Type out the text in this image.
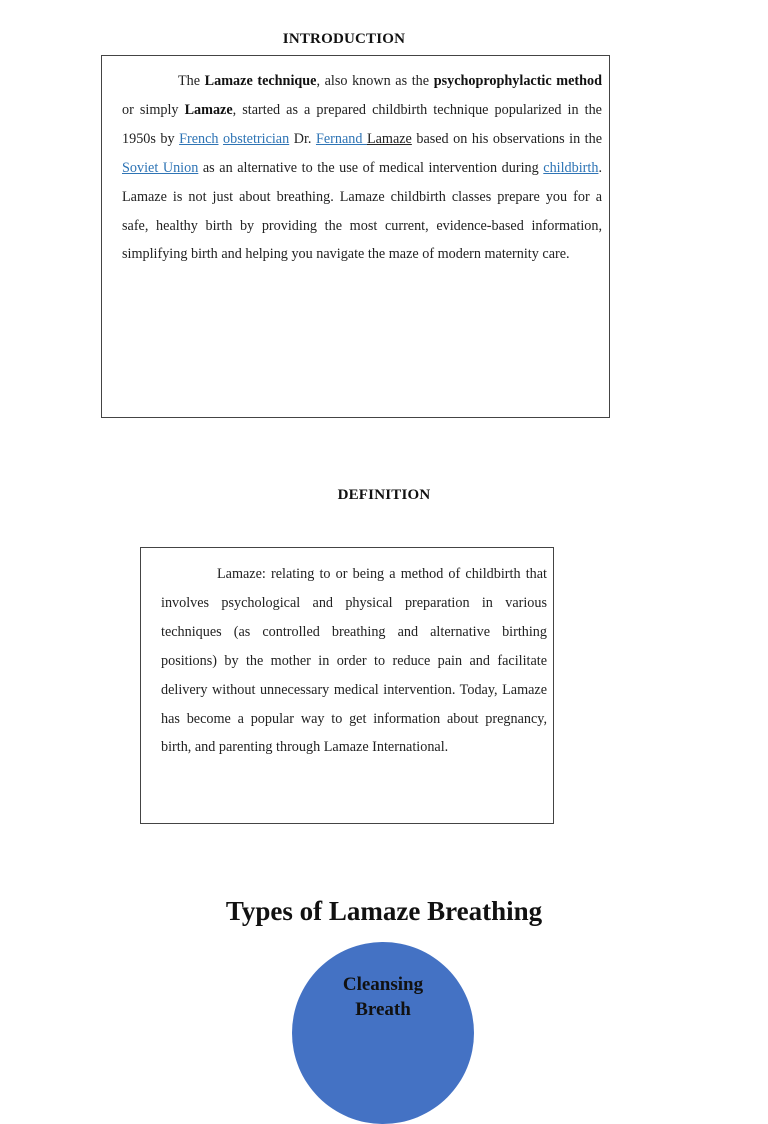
INTRODUCTION

The Lamaze technique, also known as the psychoprophylactic method or simply Lamaze, started as a prepared childbirth technique popularized in the 1950s by French obstetrician Dr. Fernand Lamaze based on his observations in the Soviet Union as an alternative to the use of medical intervention during childbirth. Lamaze is not just about breathing. Lamaze childbirth classes prepare you for a safe, healthy birth by providing the most current, evidence-based information, simplifying birth and helping you navigate the maze of modern maternity care.

DEFINITION

Lamaze: relating to or being a method of childbirth that involves psychological and physical preparation in various techniques (as controlled breathing and alternative birthing positions) by the mother in order to reduce pain and facilitate delivery without unnecessary medical intervention. Today, Lamaze has become a popular way to get information about pregnancy, birth, and parenting through Lamaze International.

Types of Lamaze Breathing
Cleansing
Breath
